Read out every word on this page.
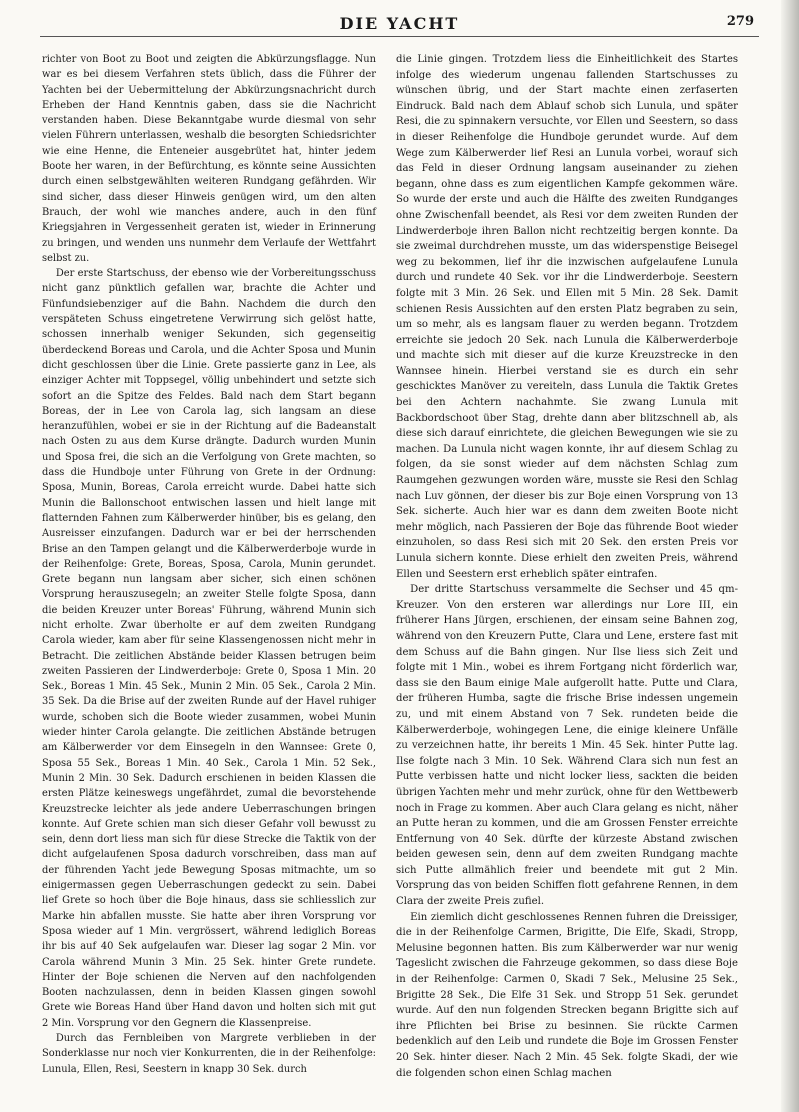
DIE YACHT	279

richter von Boot zu Boot und zeigten die Abkürzungsflagge. Nun war es bei diesem Verfahren stets üblich, dass die Führer der Yachten bei der Uebermittelung der Abkürzungsnachricht durch Erheben der Hand Kenntnis gaben, dass sie die Nachricht verstanden haben. Diese Bekanntgabe wurde diesmal von sehr vielen Führern unterlassen, weshalb die besorgten Schiedsrichter wie eine Henne, die Enteneier ausgebrütet hat, hinter jedem Boote her waren, in der Befürchtung, es könnte seine Aussichten durch einen selbstgewählten weiteren Rundgang gefährden. Wir sind sicher, dass dieser Hinweis genügen wird, um den alten Brauch, der wohl wie manches andere, auch in den fünf Kriegsjahren in Vergessenheit geraten ist, wieder in Erinnerung zu bringen, und wenden uns nunmehr dem Verlaufe der Wettfahrt selbst zu.

Der erste Startschuss, der ebenso wie der Vorbereitungsschuss nicht ganz pünktlich gefallen war, brachte die Achter und Fünfundsiebenziger auf die Bahn. Nachdem die durch den verspäteten Schuss eingetretene Verwirrung sich gelöst hatte, schossen innerhalb weniger Sekunden, sich gegenseitig überdeckend Boreas und Carola, und die Achter Sposa und Munin dicht geschlossen über die Linie. Grete passierte ganz in Lee, als einziger Achter mit Toppsegel, völlig unbehindert und setzte sich sofort an die Spitze des Feldes. Bald nach dem Start begann Boreas, der in Lee von Carola lag, sich langsam an diese heranzufühlen, wobei er sie in der Richtung auf die Badeanstalt nach Osten zu aus dem Kurse drängte. Dadurch wurden Munin und Sposa frei, die sich an die Verfolgung von Grete machten, so dass die Hundboje unter Führung von Grete in der Ordnung: Sposa, Munin, Boreas, Carola erreicht wurde. Dabei hatte sich Munin die Ballonschoot entwischen lassen und hielt lange mit flatternden Fahnen zum Kälberwerder hinüber, bis es gelang, den Ausreisser einzufangen. Dadurch war er bei der herrschenden Brise an den Tampen gelangt und die Kälberwerderboje wurde in der Reihenfolge: Grete, Boreas, Sposa, Carola, Munin gerundet. Grete begann nun langsam aber sicher, sich einen schönen Vorsprung herauszusegeln; an zweiter Stelle folgte Sposa, dann die beiden Kreuzer unter Boreas' Führung, während Munin sich nicht erholte. Zwar überholte er auf dem zweiten Rundgang Carola wieder, kam aber für seine Klassengenossen nicht mehr in Betracht. Die zeitlichen Abstände beider Klassen betrugen beim zweiten Passieren der Lindwerderboje: Grete 0, Sposa 1 Min. 20 Sek., Boreas 1 Min. 45 Sek., Munin 2 Min. 05 Sek., Carola 2 Min. 35 Sek. Da die Brise auf der zweiten Runde auf der Havel ruhiger wurde, schoben sich die Boote wieder zusammen, wobei Munin wieder hinter Carola gelangte. Die zeitlichen Abstände betrugen am Kälberwerder vor dem Einsegeln in den Wannsee: Grete 0, Sposa 55 Sek., Boreas 1 Min. 40 Sek., Carola 1 Min. 52 Sek., Munin 2 Min. 30 Sek. Dadurch erschienen in beiden Klassen die ersten Plätze keineswegs ungefährdet, zumal die bevorstehende Kreuzstrecke leichter als jede andere Ueberraschungen bringen konnte. Auf Grete schien man sich dieser Gefahr voll bewusst zu sein, denn dort liess man sich für diese Strecke die Taktik von der dicht aufgelaufenen Sposa dadurch vorschreiben, dass man auf der führenden Yacht jede Bewegung Sposas mitmachte, um so einigermassen gegen Ueberraschungen gedeckt zu sein. Dabei lief Grete so hoch über die Boje hinaus, dass sie schliesslich zur Marke hin abfallen musste. Sie hatte aber ihren Vorsprung vor Sposa wieder auf 1 Min. vergrössert, während lediglich Boreas ihr bis auf 40 Sek aufgelaufen war. Dieser lag sogar 2 Min. vor Carola während Munin 3 Min. 25 Sek. hinter Grete rundete. Hinter der Boje schienen die Nerven auf den nachfolgenden Booten nachzulassen, denn in beiden Klassen gingen sowohl Grete wie Boreas Hand über Hand davon und holten sich mit gut 2 Min. Vorsprung vor den Gegnern die Klassenpreise.

Durch das Fernbleiben von Margrete verblieben in der Sonderklasse nur noch vier Konkurrenten, die in der Reihenfolge: Lunula, Ellen, Resi, Seestern in knapp 30 Sek. durch

die Linie gingen. Trotzdem liess die Einheitlichkeit des Startes infolge des wiederum ungenau fallenden Startschusses zu wünschen übrig, und der Start machte einen zerfaserten Eindruck. Bald nach dem Ablauf schob sich Lunula, und später Resi, die zu spinnakern versuchte, vor Ellen und Seestern, so dass in dieser Reihenfolge die Hundboje gerundet wurde. Auf dem Wege zum Kälberwerder lief Resi an Lunula vorbei, worauf sich das Feld in dieser Ordnung langsam auseinander zu ziehen begann, ohne dass es zum eigentlichen Kampfe gekommen wäre. So wurde der erste und auch die Hälfte des zweiten Rundganges ohne Zwischenfall beendet, als Resi vor dem zweiten Runden der Lindwerderboje ihren Ballon nicht rechtzeitig bergen konnte. Da sie zweimal durchdrehen musste, um das widerspenstige Beisegel weg zu bekommen, lief ihr die inzwischen aufgelaufene Lunula durch und rundete 40 Sek. vor ihr die Lindwerderboje. Seestern folgte mit 3 Min. 26 Sek. und Ellen mit 5 Min. 28 Sek. Damit schienen Resis Aussichten auf den ersten Platz begraben zu sein, um so mehr, als es langsam flauer zu werden begann. Trotzdem erreichte sie jedoch 20 Sek. nach Lunula die Kälberwerderboje und machte sich mit dieser auf die kurze Kreuzstrecke in den Wannsee hinein. Hierbei verstand sie es durch ein sehr geschicktes Manöver zu vereiteln, dass Lunula die Taktik Gretes bei den Achtern nachahmte. Sie zwang Lunula mit Backbordschoot über Stag, drehte dann aber blitzschnell ab, als diese sich darauf einrichtete, die gleichen Bewegungen wie sie zu machen. Da Lunula nicht wagen konnte, ihr auf diesem Schlag zu folgen, da sie sonst wieder auf dem nächsten Schlag zum Raumgehen gezwungen worden wäre, musste sie Resi den Schlag nach Luv gönnen, der dieser bis zur Boje einen Vorsprung von 13 Sek. sicherte. Auch hier war es dann dem zweiten Boote nicht mehr möglich, nach Passieren der Boje das führende Boot wieder einzuholen, so dass Resi sich mit 20 Sek. den ersten Preis vor Lunula sichern konnte. Diese erhielt den zweiten Preis, während Ellen und Seestern erst erheblich später eintrafen.

Der dritte Startschuss versammelte die Sechser und 45 qm-Kreuzer. Von den ersteren war allerdings nur Lore III, ein früherer Hans Jürgen, erschienen, der einsam seine Bahnen zog, während von den Kreuzern Putte, Clara und Lene, erstere fast mit dem Schuss auf die Bahn gingen. Nur Ilse liess sich Zeit und folgte mit 1 Min., wobei es ihrem Fortgang nicht förderlich war, dass sie den Baum einige Male aufgerollt hatte. Putte und Clara, der früheren Humba, sagte die frische Brise indessen ungemein zu, und mit einem Abstand von 7 Sek. rundeten beide die Kälberwerderboje, wohingegen Lene, die einige kleinere Unfälle zu verzeichnen hatte, ihr bereits 1 Min. 45 Sek. hinter Putte lag. Ilse folgte nach 3 Min. 10 Sek. Während Clara sich nun fest an Putte verbissen hatte und nicht locker liess, sackten die beiden übrigen Yachten mehr und mehr zurück, ohne für den Wettbewerb noch in Frage zu kommen. Aber auch Clara gelang es nicht, näher an Putte heran zu kommen, und die am Grossen Fenster erreichte Entfernung von 40 Sek. dürfte der kürzeste Abstand zwischen beiden gewesen sein, denn auf dem zweiten Rundgang machte sich Putte allmählich freier und beendete mit gut 2 Min. Vorsprung das von beiden Schiffen flott gefahrene Rennen, in dem Clara der zweite Preis zufiel.

Ein ziemlich dicht geschlossenes Rennen fuhren die Dreissiger, die in der Reihenfolge Carmen, Brigitte, Die Elfe, Skadi, Stropp, Melusine begonnen hatten. Bis zum Kälberwerder war nur wenig Tageslicht zwischen die Fahrzeuge gekommen, so dass diese Boje in der Reihenfolge: Carmen 0, Skadi 7 Sek., Melusine 25 Sek., Brigitte 28 Sek., Die Elfe 31 Sek. und Stropp 51 Sek. gerundet wurde. Auf den nun folgenden Strecken begann Brigitte sich auf ihre Pflichten bei Brise zu besinnen. Sie rückte Carmen bedenklich auf den Leib und rundete die Boje im Grossen Fenster 20 Sek. hinter dieser. Nach 2 Min. 45 Sek. folgte Skadi, der wie die folgenden schon einen Schlag machen
